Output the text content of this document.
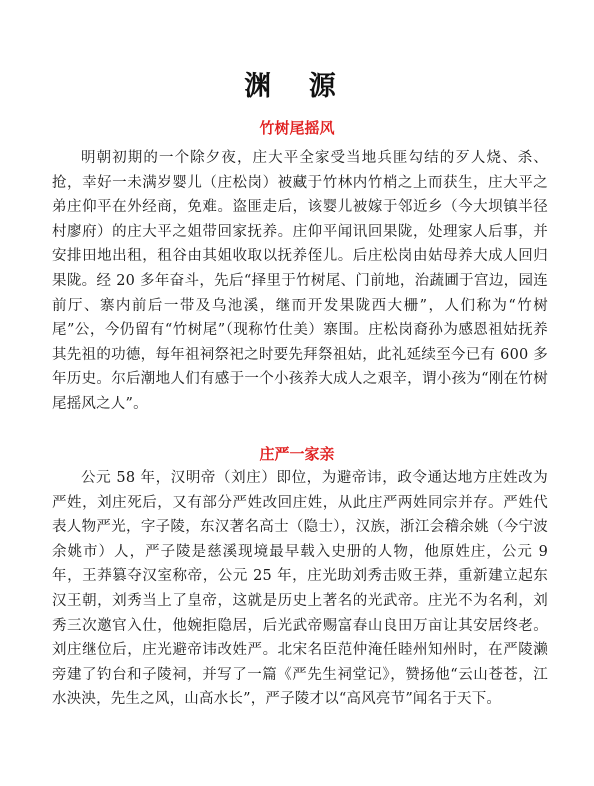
渊 源
竹树尾摇风

明朝初期的一个除夕夜，庄大平全家受当地兵匪勾结的歹人烧、杀、抢，幸好一未满岁婴儿（庄松岗）被藏于竹林内竹梢之上而获生，庄大平之弟庄仰平在外经商，免难。盗匪走后，该婴儿被嫁于邻近乡（今大坝镇半径村廖府）的庄大平之姐带回家抚养。庄仰平闻讯回果陇，处理家人后事，并安排田地出租，租谷由其姐收取以抚养侄儿。后庄松岗由姑母养大成人回归果陇。经 20 多年奋斗，先后“择里于竹树尾、门前地，治蔬圃于宫边，园连前厅、寨内前后一带及乌池溪，继而开发果陇西大栅”，人们称为“竹树尾”公，今仍留有“竹树尾”（现称竹仕美）寨围。庄松岗裔孙为感恩祖姑抚养其先祖的功德，每年祖祠祭祀之时要先拜祭祖姑，此礼延续至今已有 600 多年历史。尔后潮地人们有感于一个小孩养大成人之艰辛，谓小孩为“刚在竹树尾摇风之人”。

庄严一家亲

公元 58 年，汉明帝（刘庄）即位，为避帝讳，政令通达地方庄姓改为严姓，刘庄死后，又有部分严姓改回庄姓，从此庄严两姓同宗并存。严姓代表人物严光，字子陵，东汉著名高士（隐士），汉族，浙江会稽余姚（今宁波余姚市）人，严子陵是慈溪现境最早载入史册的人物，他原姓庄，公元 9 年，王莽篡夺汉室称帝，公元 25 年，庄光助刘秀击败王莽，重新建立起东汉王朝，刘秀当上了皇帝，这就是历史上著名的光武帝。庄光不为名利，刘秀三次邀官入仕，他婉拒隐居，后光武帝赐富春山良田万亩让其安居终老。刘庄继位后，庄光避帝讳改姓严。北宋名臣范仲淹任睦州知州时，在严陵濑旁建了钓台和子陵祠，并写了一篇《严先生祠堂记》，赞扬他“云山苍苍，江水泱泱，先生之风，山高水长”，严子陵才以“高风亮节”闻名于天下。
